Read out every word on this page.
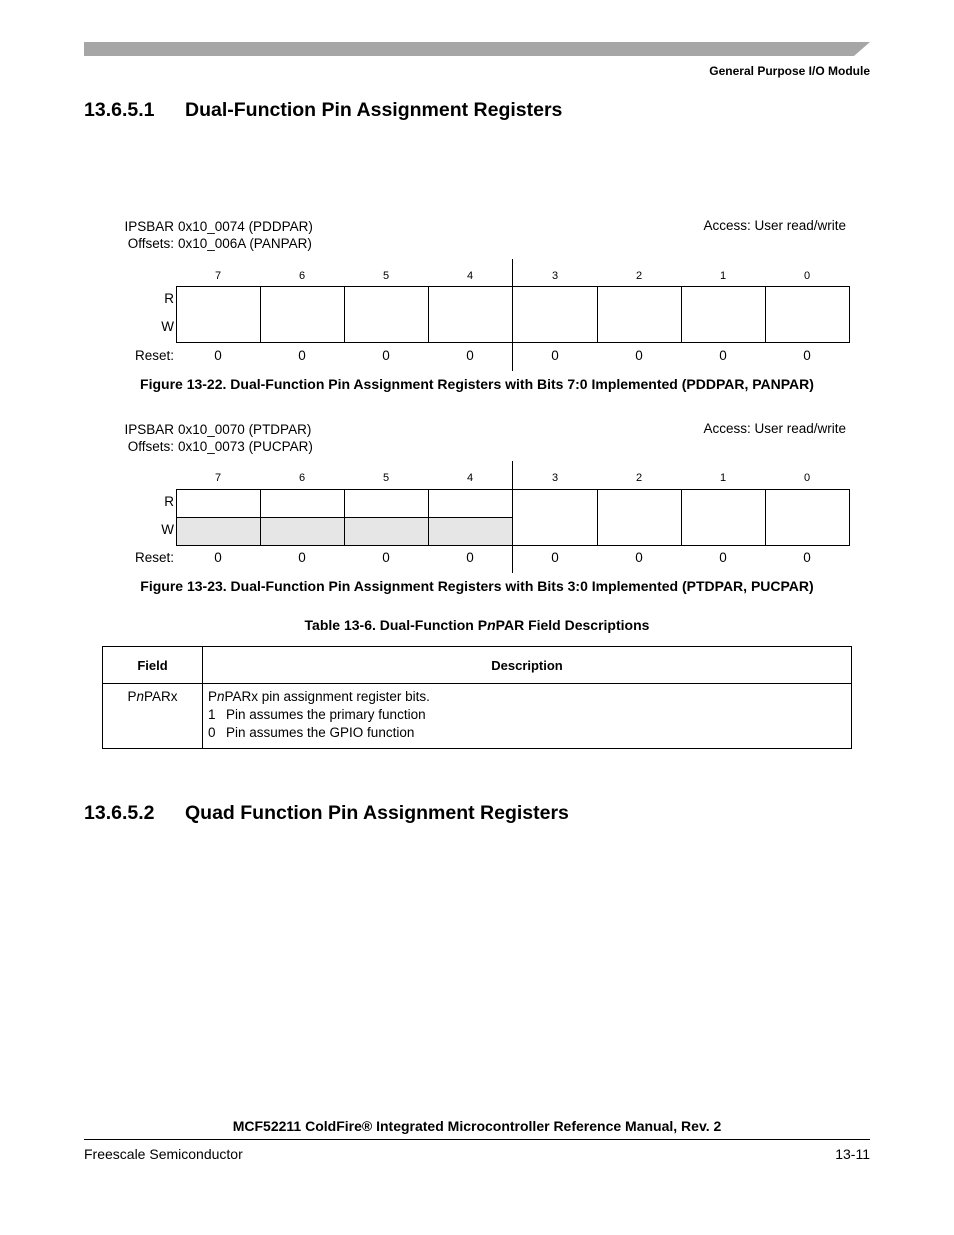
General Purpose I/O Module
13.6.5.1 Dual-Function Pin Assignment Registers
IPSBAR 0x10_0074 (PDDPAR)
Offsets: 0x10_006A (PANPAR)
Access: User read/write
7	6	5	4	3	2	1	0
R
W
Reset:	0	0	0	0	0	0	0	0
Figure 13-22. Dual-Function Pin Assignment Registers with Bits 7:0 Implemented (PDDPAR, PANPAR)
IPSBAR 0x10_0070 (PTDPAR)
Offsets: 0x10_0073 (PUCPAR)
Access: User read/write
7	6	5	4	3	2	1	0
R
W
Reset:	0	0	0	0	0	0	0	0
Figure 13-23. Dual-Function Pin Assignment Registers with Bits 3:0 Implemented (PTDPAR, PUCPAR)
Table 13-6. Dual-Function PnPAR Field Descriptions
Field	Description
PnPARx	PnPARx pin assignment register bits.
1 Pin assumes the primary function
0 Pin assumes the GPIO function
13.6.5.2 Quad Function Pin Assignment Registers
MCF52211 ColdFire® Integrated Microcontroller Reference Manual, Rev. 2
Freescale Semiconductor	13-11
